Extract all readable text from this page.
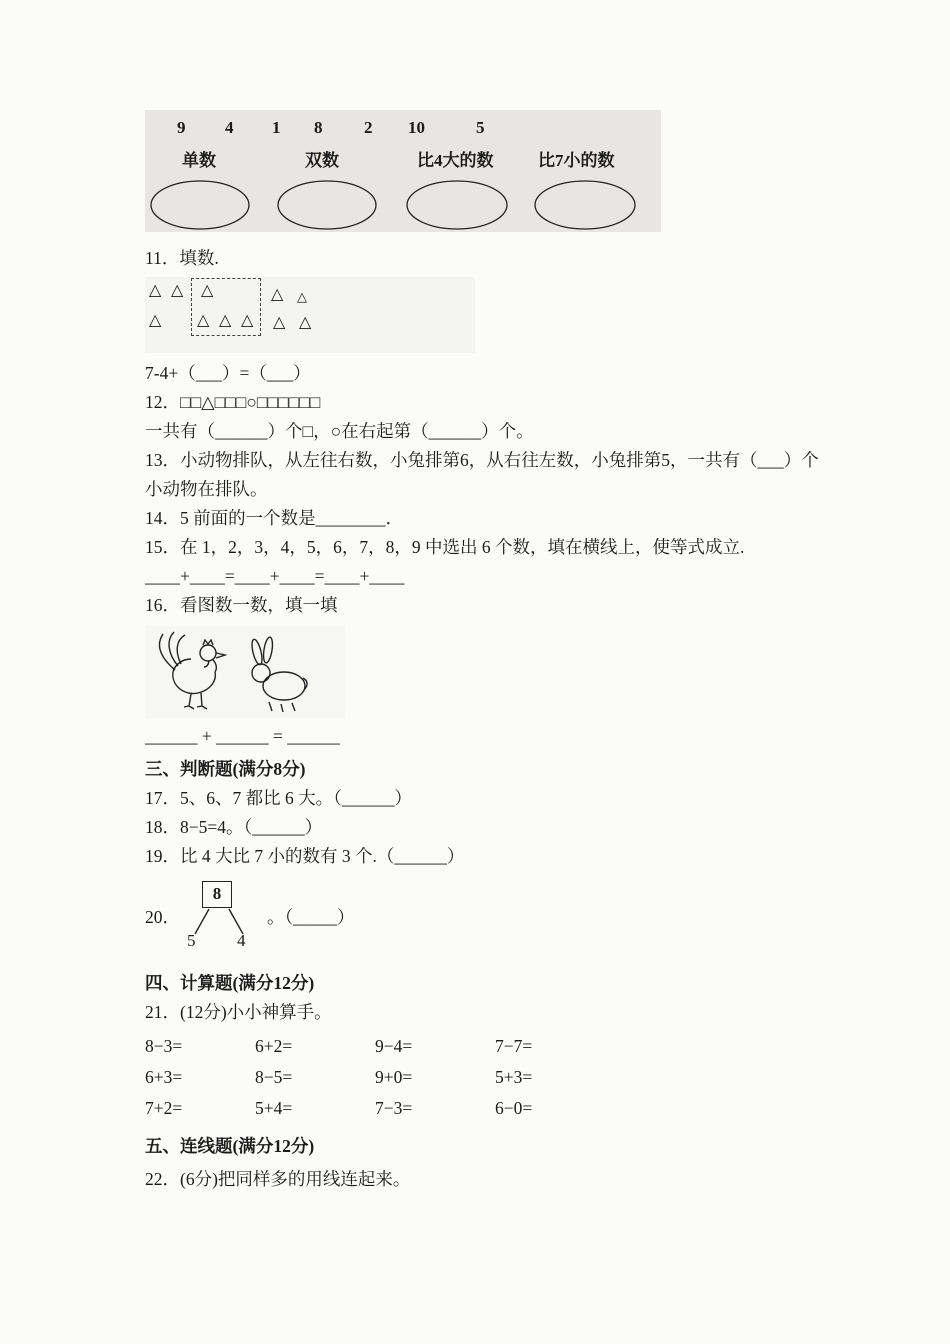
9 4 1 8 2 10	5
单数	双数	比4大的数	比7小的数
11．填数.
△ △ △	△ △
△ △ △ △ △ △
7-4+（___）=（___）
12．□□△□□□○□□□□□□
一共有（______）个□，○在右起第（______）个。
13．小动物排队，从左往右数，小兔排第6，从右往左数，小兔排第5，一共有（___）个
小动物在排队。
14．5 前面的一个数是________．
15．在 1，2，3，4，5，6，7，8，9 中选出 6 个数，填在横线上，使等式成立.
____+____=____+____=____+____
16．看图数一数，填一填
______ + ______ = ______
三、判断题(满分8分)
17．5、6、7 都比 6 大。（______）
18．8−5=4。（______）
19．比 4 大比 7 小的数有 3 个.（______）
20．
8
5 4
。（_____）
四、计算题(满分12分)
21．(12分)小小神算手。
8−3=	6+2=	9−4=	7−7=
6+3=	8−5=	9+0=	5+3=
7+2=	5+4=	7−3=	6−0=
五、连线题(满分12分)
22．(6分)把同样多的用线连起来。
